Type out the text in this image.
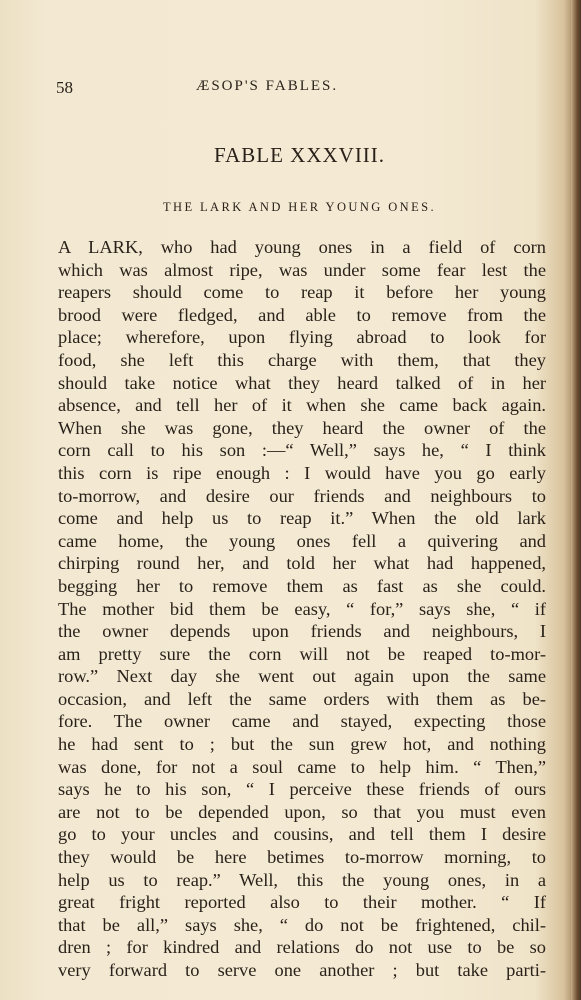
58	ÆSOP'S FABLES.
FABLE XXXVIII.
THE LARK AND HER YOUNG ONES.
A LARK, who had young ones in a field of corn
which was almost ripe, was under some fear lest the
reapers should come to reap it before her young
brood were fledged, and able to remove from the
place; wherefore, upon flying abroad to look for
food, she left this charge with them, that they
should take notice what they heard talked of in her
absence, and tell her of it when she came back again.
When she was gone, they heard the owner of the
corn call to his son :—“ Well,” says he, “ I think
this corn is ripe enough : I would have you go early
to-morrow, and desire our friends and neighbours to
come and help us to reap it.” When the old lark
came home, the young ones fell a quivering and
chirping round her, and told her what had happened,
begging her to remove them as fast as she could.
The mother bid them be easy, “ for,” says she, “ if
the owner depends upon friends and neighbours, I
am pretty sure the corn will not be reaped to-mor-
row.” Next day she went out again upon the same
occasion, and left the same orders with them as be-
fore. The owner came and stayed, expecting those
he had sent to ; but the sun grew hot, and nothing
was done, for not a soul came to help him. “ Then,”
says he to his son, “ I perceive these friends of ours
are not to be depended upon, so that you must even
go to your uncles and cousins, and tell them I desire
they would be here betimes to-morrow morning, to
help us to reap.” Well, this the young ones, in a
great fright reported also to their mother. “ If
that be all,” says she, “ do not be frightened, chil-
dren ; for kindred and relations do not use to be so
very forward to serve one another ; but take parti-
